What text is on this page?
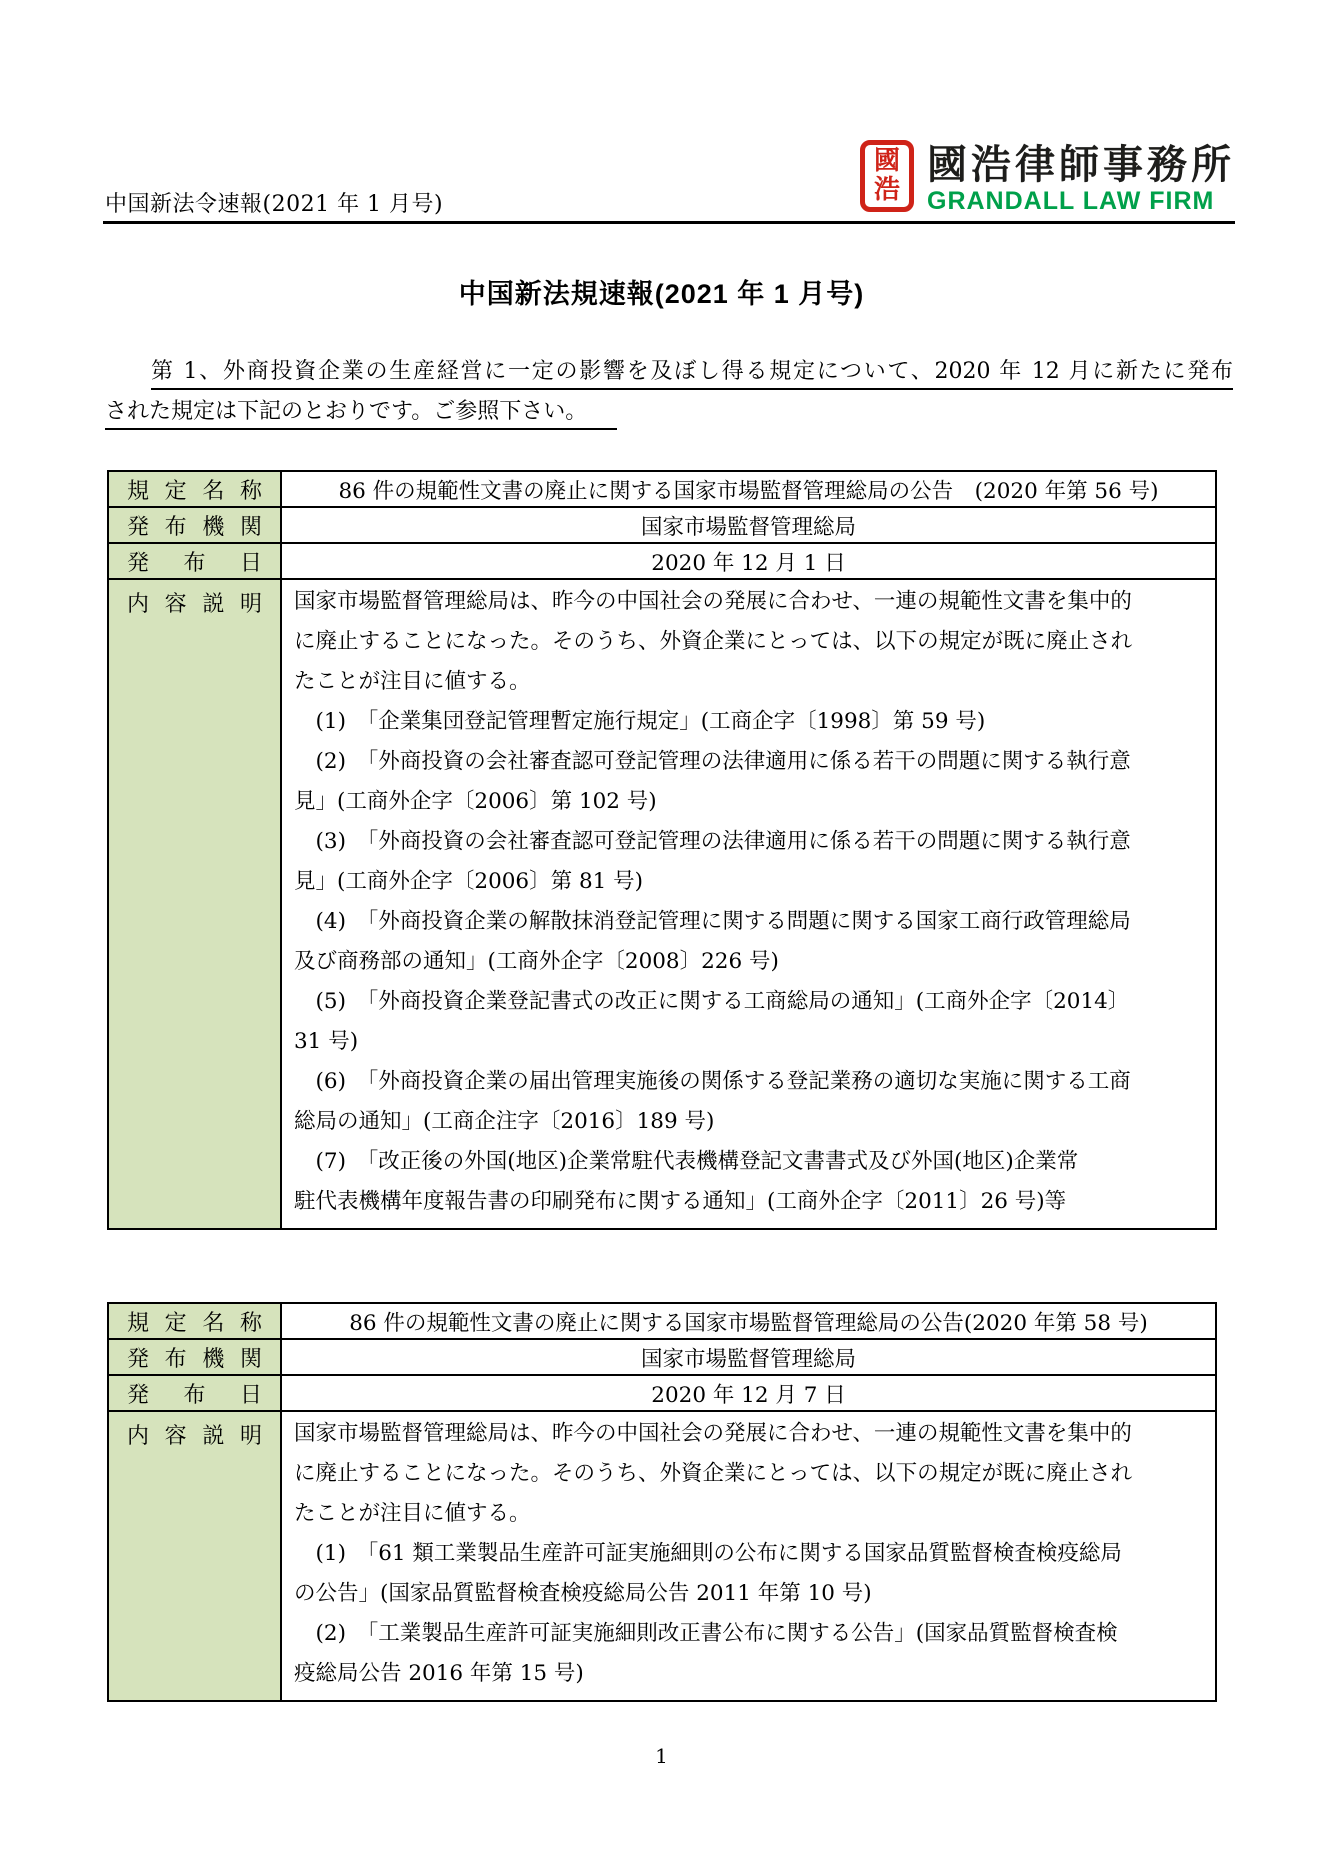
中国新法令速報(2021 年 1 月号)
國
浩
國浩律師事務所
GRANDALL LAW FIRM
中国新法規速報(2021 年 1 月号)
第 1、外商投資企業の生産経営に一定の影響を及ぼし得る規定について、2020 年 12 月に新たに発布
された規定は下記のとおりです。ご参照下さい。
規定名称	86 件の規範性文書の廃止に関する国家市場監督管理総局の公告　(2020 年第 56 号)
発布機関	国家市場監督管理総局
発布日	2020 年 12 月 1 日
内容説明	国家市場監督管理総局は、昨今の中国社会の発展に合わせ、一連の規範性文書を集中的
に廃止することになった。そのうち、外資企業にとっては、以下の規定が既に廃止され
たことが注目に値する。
　(1)　「企業集団登記管理暫定施行規定」(工商企字〔1998〕第 59 号)
　(2)　「外商投資の会社審査認可登記管理の法律適用に係る若干の問題に関する執行意
見」(工商外企字〔2006〕第 102 号)
　(3)　「外商投資の会社審査認可登記管理の法律適用に係る若干の問題に関する執行意
見」(工商外企字〔2006〕第 81 号)
　(4)　「外商投資企業の解散抹消登記管理に関する問題に関する国家工商行政管理総局
及び商務部の通知」(工商外企字〔2008〕226 号)
　(5)　「外商投資企業登記書式の改正に関する工商総局の通知」(工商外企字〔2014〕
31 号)
　(6)　「外商投資企業の届出管理実施後の関係する登記業務の適切な実施に関する工商
総局の通知」(工商企注字〔2016〕189 号)
　(7)　「改正後の外国(地区)企業常駐代表機構登記文書書式及び外国(地区)企業常
駐代表機構年度報告書の印刷発布に関する通知」(工商外企字〔2011〕26 号)等
規定名称	86 件の規範性文書の廃止に関する国家市場監督管理総局の公告(2020 年第 58 号)
発布機関	国家市場監督管理総局
発布日	2020 年 12 月 7 日
内容説明	国家市場監督管理総局は、昨今の中国社会の発展に合わせ、一連の規範性文書を集中的
に廃止することになった。そのうち、外資企業にとっては、以下の規定が既に廃止され
たことが注目に値する。
　(1)　「61 類工業製品生産許可証実施細則の公布に関する国家品質監督検査検疫総局
の公告」(国家品質監督検査検疫総局公告 2011 年第 10 号)
　(2)　「工業製品生産許可証実施細則改正書公布に関する公告」(国家品質監督検査検
疫総局公告 2016 年第 15 号)
1
